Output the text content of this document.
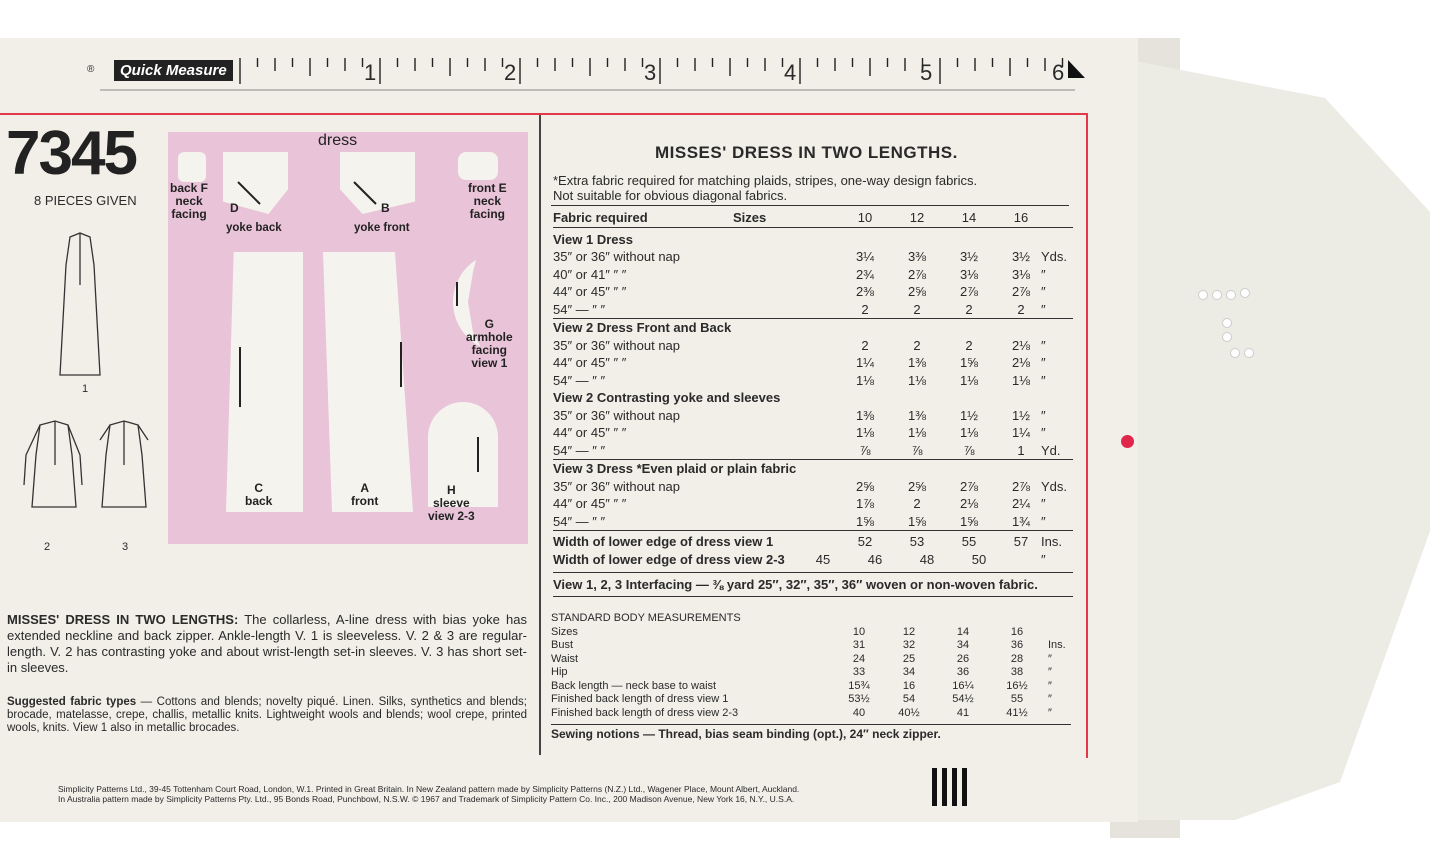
®	Quick Measure	1	2	3	4	5	6
7345
8 PIECES GIVEN
1
2	3
dress
back F
neck
facing D
yoke back
B
yoke front
front E
neck
facing
C
back
A
front
G
armhole
facing
view 1
H
sleeve
view 2-3
MISSES' DRESS IN TWO LENGTHS.
*Extra fabric required for matching plaids, stripes, one-way design fabrics.
Not suitable for obvious diagonal fabrics.
Fabric required	10	12	14	16
Sizes
View 1 Dress
35″ or 36″ without nap	3¼	3⅜	3½	3½ Yds.
40″ or 41″ ″ ″	2¾	2⅞	3⅛	3⅛ ″
44″ or 45″ ″ ″	2⅜	2⅝	2⅞	2⅞ ″
54″ — ″ ″	2	2	2	2	″
View 2 Dress Front and Back
35″ or 36″ without nap	2	2	2	2⅛ ″
44″ or 45″ ″ ″	1¼	1⅜	1⅝	2⅛ ″
54″ — ″ ″	1⅛	1⅛	1⅛	1⅛ ″
View 2 Contrasting yoke and sleeves
35″ or 36″ without nap	1⅜	1⅜	1½	1½ ″
44″ or 45″ ″ ″	1⅛	1⅛	1⅛	1¼ ″
54″ — ″ ″	⅞	⅞	⅞	1	Yd.
View 3 Dress *Even plaid or plain fabric
35″ or 36″ without nap	2⅝	2⅝	2⅞	2⅞ Yds.
44″ or 45″ ″ ″	1⅞	2	2⅛	2¼ ″
54″ — ″ ″	1⅝	1⅝	1⅝	1¾ ″
Width of lower edge of dress view 1	52	53	55	57 Ins.
Width of lower edge of dress view 2-3	45	46	48	50	″
View 1, 2, 3 Interfacing — ⅜ yard 25″, 32″, 35″, 36″ woven or non-woven fabric.
STANDARD BODY MEASUREMENTS
Sizes	10	12	14	16
Bust	31	32	34	36	Ins.
Waist	24	25	26	28	″
Hip	33	34	36	38	″
Back length — neck base to waist	15¾	16	16¼	16½	″
Finished back length of dress view 1	53½	54	54½	55	″
Finished back length of dress view 2-3	40	40½	41	41½	″
Sewing notions — Thread, bias seam binding (opt.), 24″ neck zipper.
MISSES' DRESS IN TWO LENGTHS: The collarless, A-line dress with bias yoke has extended neckline and back zipper. Ankle-length V. 1 is sleeveless. V. 2 & 3 are regular-length. V. 2 has contrasting yoke and about wrist-length set-in sleeves. V. 3 has short set-in sleeves.
Suggested fabric types — Cottons and blends; novelty piqué. Linen. Silks, synthetics and blends; brocade, matelasse, crepe, challis, metallic knits. Lightweight wools and blends; wool crepe, printed wools, knits. View 1 also in metallic brocades.
Simplicity Patterns Ltd., 39-45 Tottenham Court Road, London, W.1. Printed in Great Britain. In New Zealand pattern made by Simplicity Patterns (N.Z.) Ltd., Wagener Place, Mount Albert, Auckland.
In Australia pattern made by Simplicity Patterns Pty. Ltd., 95 Bonds Road, Punchbowl, N.S.W. © 1967 and Trademark of Simplicity Pattern Co. Inc., 200 Madison Avenue, New York 16, N.Y., U.S.A.
